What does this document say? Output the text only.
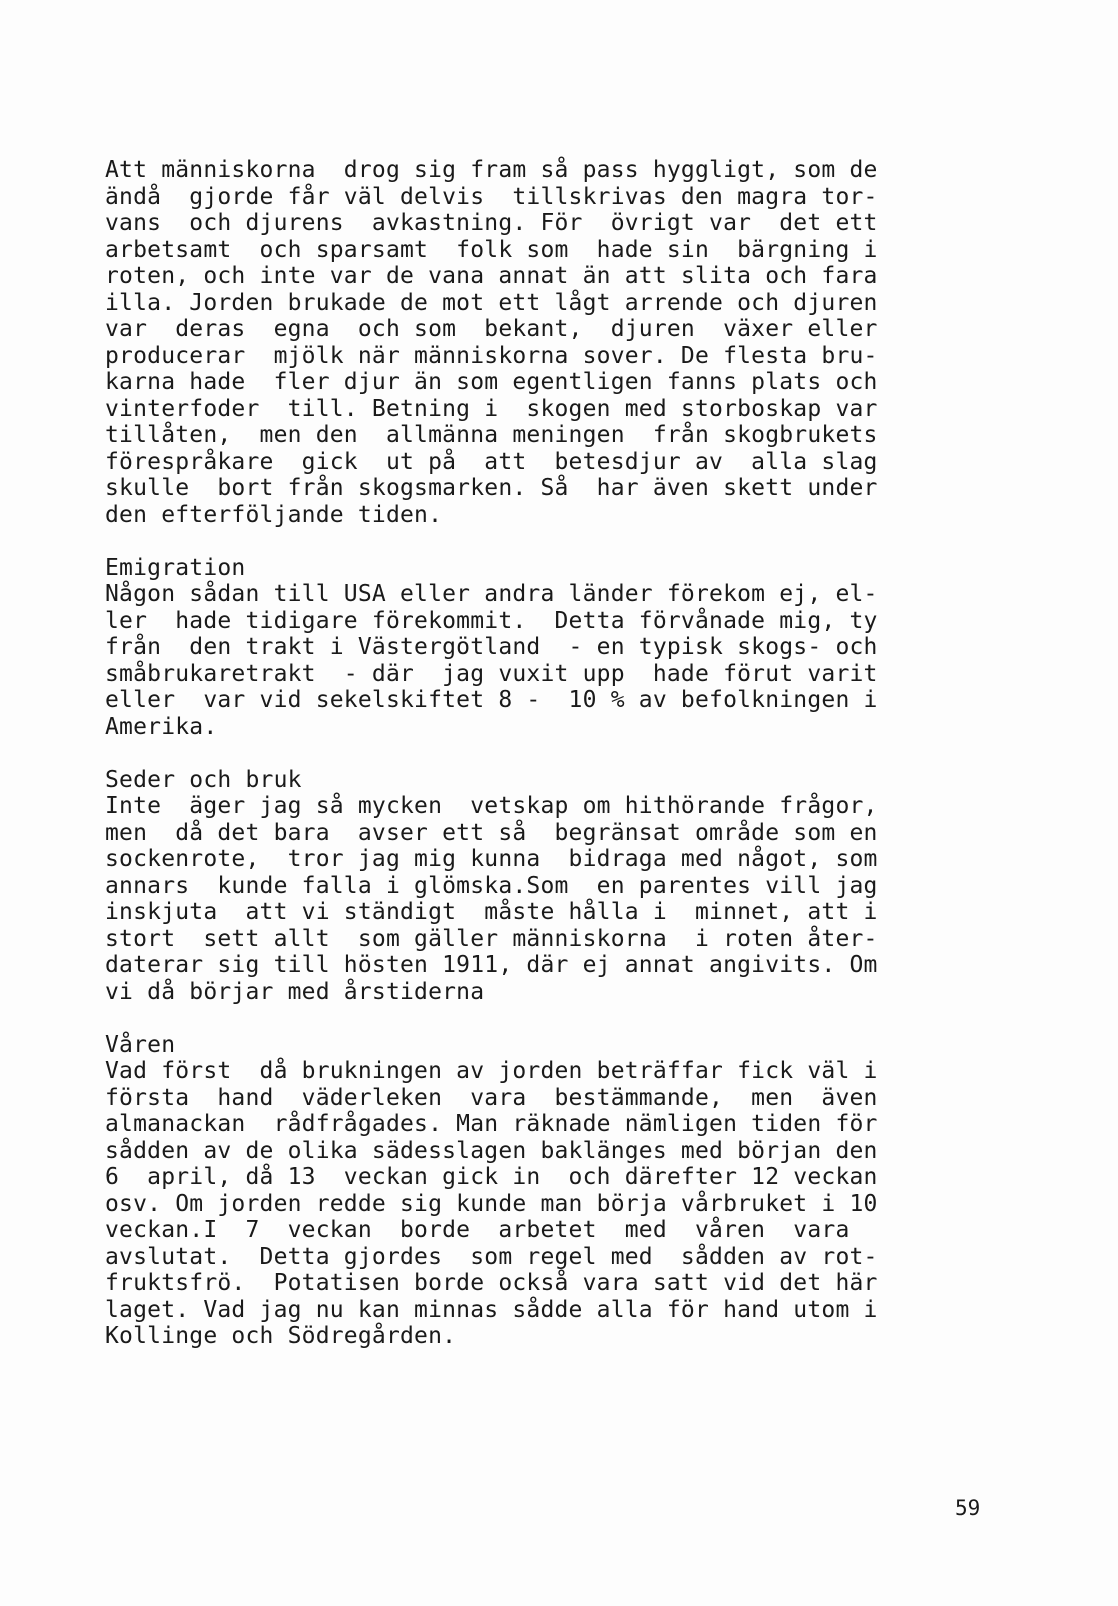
Att människorna  drog sig fram så pass hyggligt, som de
ändå  gjorde får väl delvis  tillskrivas den magra tor-
vans  och djurens  avkastning. För  övrigt var  det ett
arbetsamt  och sparsamt  folk som  hade sin  bärgning i
roten, och inte var de vana annat än att slita och fara
illa. Jorden brukade de mot ett lågt arrende och djuren
var  deras  egna  och som  bekant,  djuren  växer eller
producerar  mjölk när människorna sover. De flesta bru-
karna hade  fler djur än som egentligen fanns plats och
vinterfoder  till. Betning i  skogen med storboskap var
tillåten,  men den  allmänna meningen  från skogbrukets
förespråkare  gick  ut på  att  betesdjur av  alla slag
skulle  bort från skogsmarken. Så  har även skett under
den efterföljande tiden.
Emigration
Någon sådan till USA eller andra länder förekom ej, el-
ler  hade tidigare förekommit.  Detta förvånade mig, ty
från  den trakt i Västergötland  - en typisk skogs- och
småbrukaretrakt  - där  jag vuxit upp  hade förut varit
eller  var vid sekelskiftet 8 -  10 % av befolkningen i
Amerika.
Seder och bruk
Inte  äger jag så mycken  vetskap om hithörande frågor,
men  då det bara  avser ett så  begränsat område som en
sockenrote,  tror jag mig kunna  bidraga med något, som
annars  kunde falla i glömska.Som  en parentes vill jag
inskjuta  att vi ständigt  måste hålla i  minnet, att i
stort  sett allt  som gäller människorna  i roten åter-
daterar sig till hösten 1911, där ej annat angivits. Om
vi då börjar med årstiderna
Våren
Vad först  då brukningen av jorden beträffar fick väl i
första  hand  väderleken  vara  bestämmande,  men  även
almanackan  rådfrågades. Man räknade nämligen tiden för
sådden av de olika sädesslagen baklänges med början den
6  april, då 13  veckan gick in  och därefter 12 veckan
osv. Om jorden redde sig kunde man börja vårbruket i 10
veckan.I  7  veckan  borde  arbetet  med  våren  vara
avslutat.  Detta gjordes  som regel med  sådden av rot-
fruktsfrö.  Potatisen borde också vara satt vid det här
laget. Vad jag nu kan minnas sådde alla för hand utom i
Kollinge och Södregården.
59
